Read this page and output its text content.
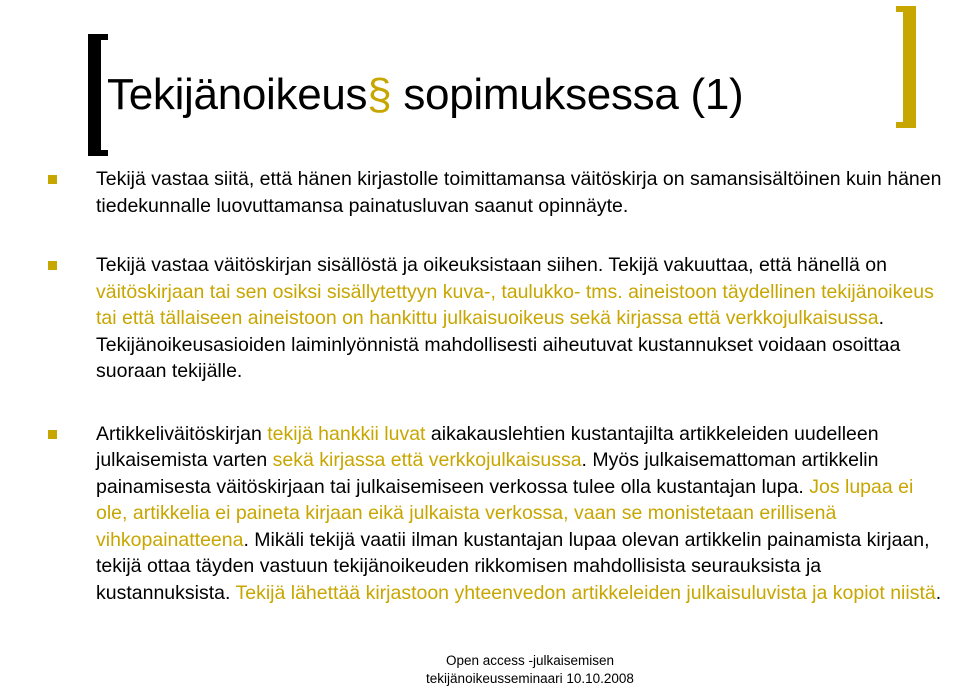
Tekijänoikeus§ sopimuksessa (1)
Tekijä vastaa siitä, että hänen kirjastolle toimittamansa väitöskirja on samansisältöinen kuin hänen tiedekunnalle luovuttamansa painatusluvan saanut opinnäyte.
Tekijä vastaa väitöskirjan sisällöstä ja oikeuksistaan siihen. Tekijä vakuuttaa, että hänellä on väitöskirjaan tai sen osiksi sisällytettyyn kuva-, taulukko- tms. aineistoon täydellinen tekijänoikeus tai että tällaiseen aineistoon on hankittu julkaisuoikeus sekä kirjassa että verkkojulkaisussa. Tekijänoikeusasioiden laiminlyönnistä mahdollisesti aiheutuvat kustannukset voidaan osoittaa suoraan tekijälle.
Artikkeliväitöskirjan tekijä hankkii luvat aikakauslehtien kustantajilta artikkeleiden uudelleen julkaisemista varten sekä kirjassa että verkkojulkaisussa. Myös julkaisemattoman artikkelin painamisesta väitöskirjaan tai julkaisemiseen verkossa tulee olla kustantajan lupa. Jos lupaa ei ole, artikkelia ei paineta kirjaan eikä julkaista verkossa, vaan se monistetaan erillisenä vihkopainatteena. Mikäli tekijä vaatii ilman kustantajan lupaa olevan artikkelin painamista kirjaan, tekijä ottaa täyden vastuun tekijänoikeuden rikkomisen mahdollisista seurauksista ja kustannuksista. Tekijä lähettää kirjastoon yhteenvedon artikkeleiden julkaisuluvista ja kopiot niistä.
Open access -julkaisemisen
tekijänoikeusseminaari 10.10.2008
